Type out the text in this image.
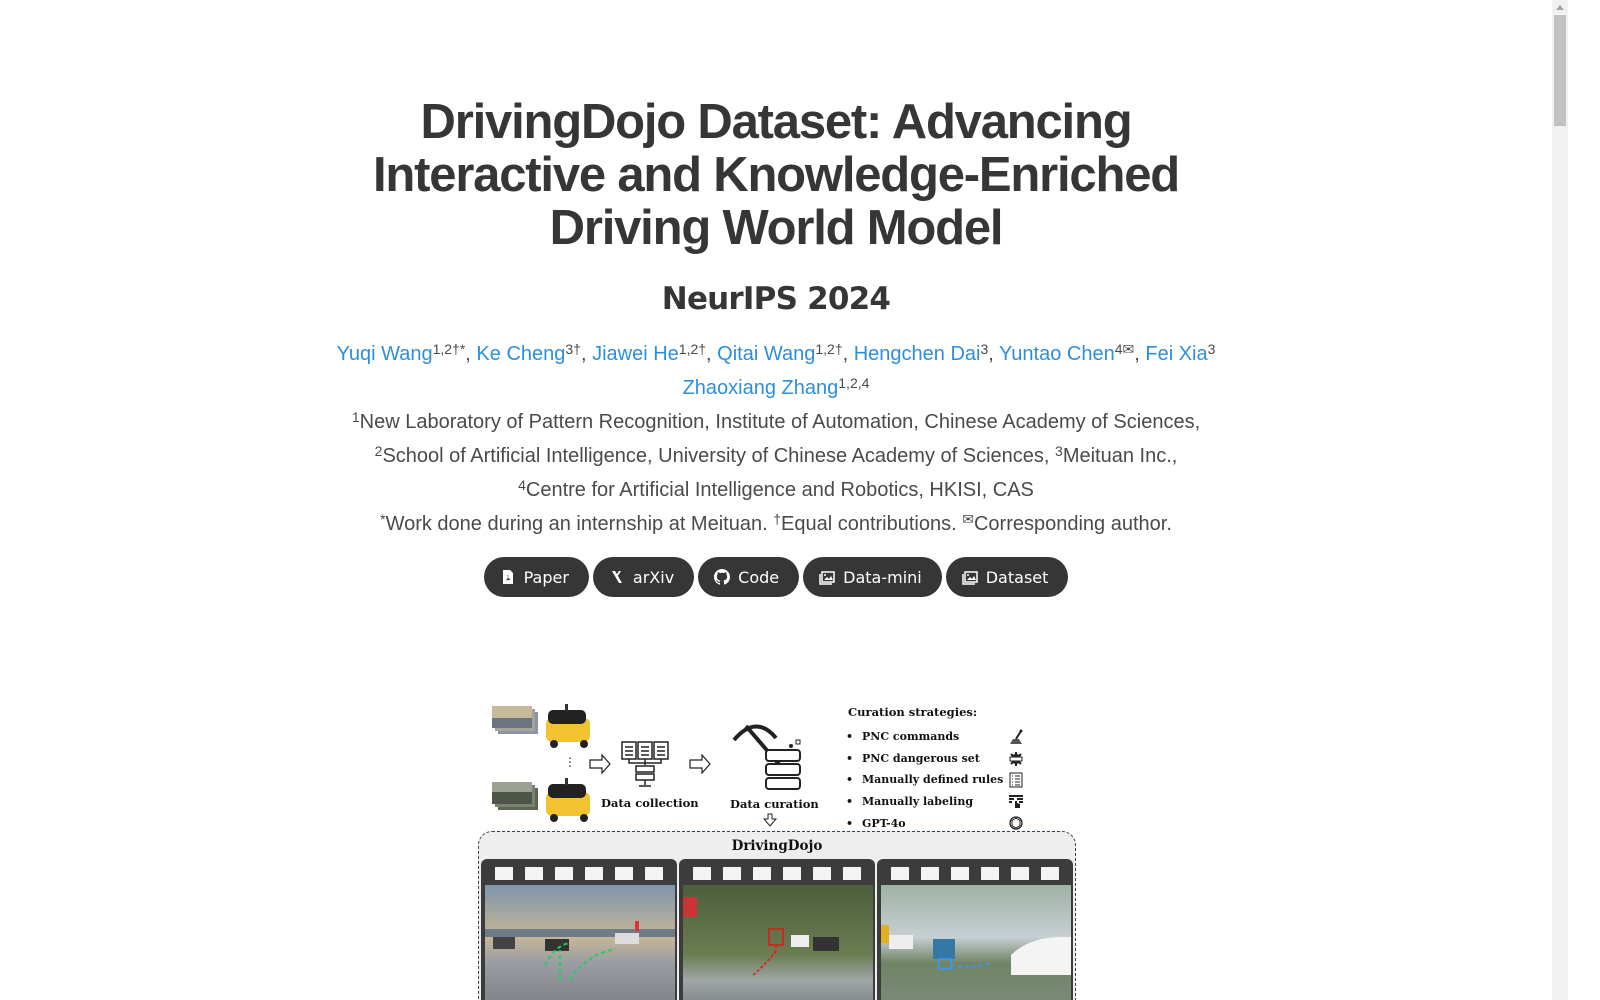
DrivingDojo Dataset: Advancing Interactive and Knowledge-Enriched Driving World Model
NeurIPS 2024
Yuqi Wang$^{1,2\dagger*}$, Ke Cheng$^{3\dagger}$, Jiawei $He^{1,2\dagger}$, Qitai Wang$^{1,2\dagger}$, Hengchen Dai$^3$, Yuntao Chen$^{4✉}$, Fei Xia$^3$
Zhaoxiang Zhang$^{1,2,4}$
$^1$New Laboratory of Pattern Recognition, Institute of Automation, Chinese Academy of Sciences,
$^2$School of Artificial Intelligence, University of Chinese Academy of Sciences, $^3$Meituan Inc.,
$^4$Centre for Artificial Intelligence and Robotics, HKISI, CAS
*Work done during an internship at Meituan. †Equal contributions. ✉Corresponding author.
Paper	arXiv	Code	Data-mini	Dataset
⋮
Data collection	Data curation
Curation strategies:
• PNC commands
• PNC dangerous set
• Manually defined rules
• Manually labeling
• GPT-4o
DrivingDojo
